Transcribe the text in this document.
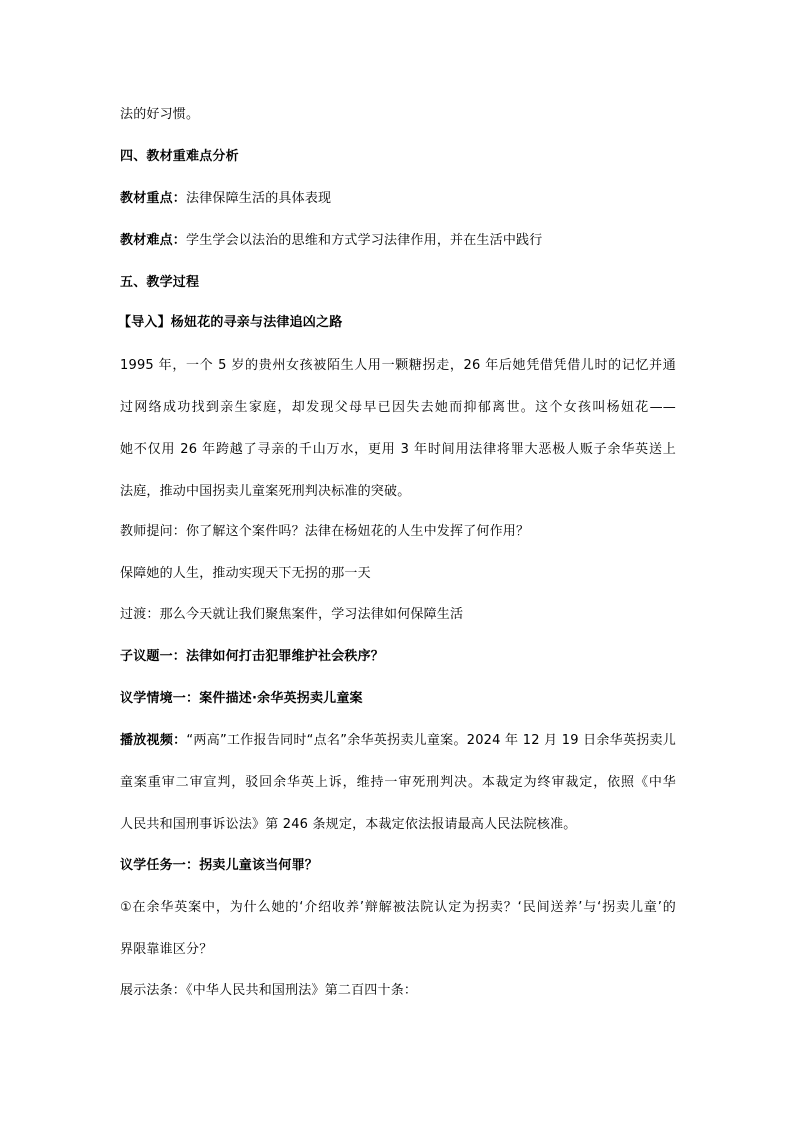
法的好习惯。
四、教材重难点分析
教材重点：法律保障生活的具体表现
教材难点：学生学会以法治的思维和方式学习法律作用，并在生活中践行
五、教学过程
【导入】杨妞花的寻亲与法律追凶之路
1995 年，一个 5 岁的贵州女孩被陌生人用一颗糖拐走，26 年后她凭借凭借儿时的记忆并通
过网络成功找到亲生家庭，却发现父母早已因失去她而抑郁离世。这个女孩叫杨妞花——
她不仅用 26 年跨越了寻亲的千山万水，更用 3 年时间用法律将罪大恶极人贩子余华英送上
法庭，推动中国拐卖儿童案死刑判决标准的突破。
教师提问：你了解这个案件吗？法律在杨妞花的人生中发挥了何作用？
保障她的人生，推动实现天下无拐的那一天
过渡：那么今天就让我们聚焦案件，学习法律如何保障生活
子议题一：法律如何打击犯罪维护社会秩序？
议学情境一：案件描述·余华英拐卖儿童案
播放视频：“两高”工作报告同时“点名”余华英拐卖儿童案。2024 年 12 月 19 日余华英拐卖儿
童案重审二审宣判，驳回余华英上诉，维持一审死刑判决。本裁定为终审裁定，依照《中华
人民共和国刑事诉讼法》第 246 条规定，本裁定依法报请最高人民法院核准。
议学任务一：拐卖儿童该当何罪？
①在余华英案中，为什么她的‘介绍收养’辩解被法院认定为拐卖？‘民间送养’与‘拐卖儿童’的
界限靠谁区分？
展示法条：《中华人民共和国刑法》第二百四十条：
